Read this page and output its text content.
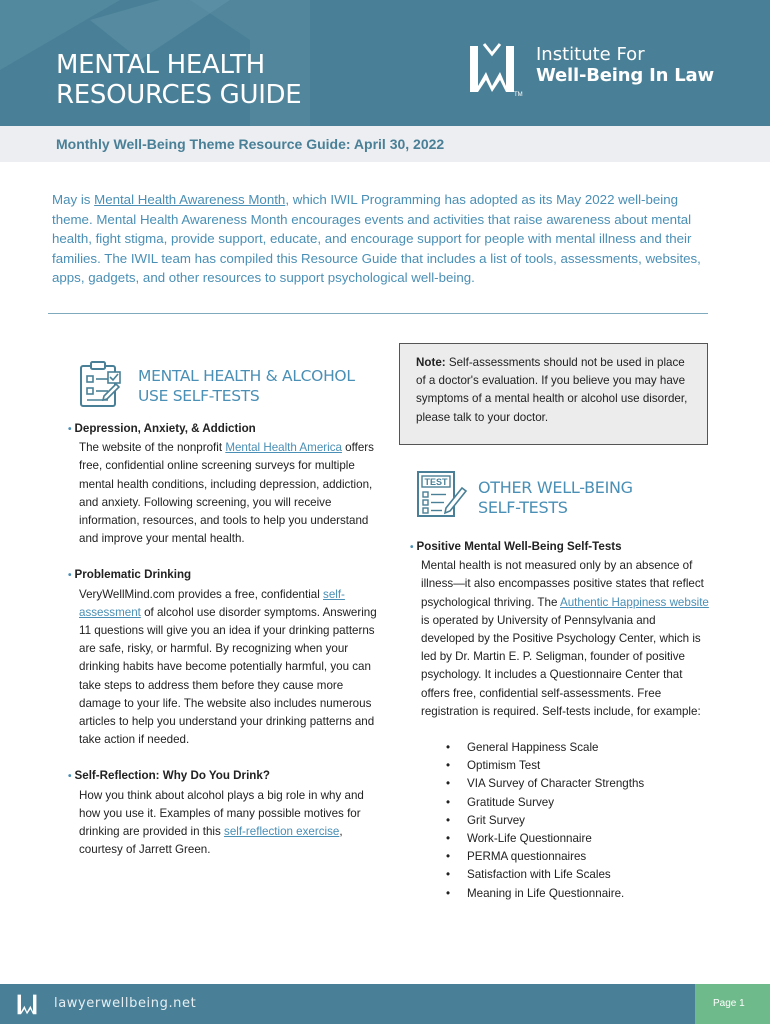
MENTAL HEALTH
RESOURCES GUIDE
Institute For
Well-Being In Law
TM
Monthly Well-Being Theme Resource Guide: April 30, 2022

May is Mental Health Awareness Month, which IWIL Programming has adopted as its May 2022 well-being theme. Mental Health Awareness Month encourages events and activities that raise awareness about mental health, fight stigma, provide support, educate, and encourage support for people with mental illness and their families. The IWIL team has compiled this Resource Guide that includes a list of tools, assessments, websites, apps, gadgets, and other resources to support psychological well-being.

MENTAL HEALTH & ALCOHOL
USE SELF-TESTS
• Depression, Anxiety, & Addiction
The website of the nonprofit Mental Health America offers free, confidential online screening surveys for multiple mental health conditions, including depression, addiction, and anxiety. Following screening, you will receive information, resources, and tools to help you understand and improve your mental health.
• Problematic Drinking
VeryWellMind.com provides a free, confidential self-assessment of alcohol use disorder symptoms. Answering 11 questions will give you an idea if your drinking patterns are safe, risky, or harmful. By recognizing when your drinking habits have become potentially harmful, you can take steps to address them before they cause more damage to your life. The website also includes numerous articles to help you understand your drinking patterns and take action if needed.
• Self-Reflection: Why Do You Drink?
How you think about alcohol plays a big role in why and how you use it. Examples of many possible motives for drinking are provided in this self-reflection exercise, courtesy of Jarrett Green.
Note: Self-assessments should not be used in place of a doctor's evaluation. If you believe you may have symptoms of a mental health or alcohol use disorder, please talk to your doctor.
TEST OTHER WELL-BEING
SELF-TESTS
• Positive Mental Well-Being Self-Tests
Mental health is not measured only by an absence of illness—it also encompasses positive states that reflect psychological thriving. The Authentic Happiness website is operated by University of Pennsylvania and developed by the Positive Psychology Center, which is led by Dr. Martin E. P. Seligman, founder of positive psychology. It includes a Questionnaire Center that offers free, confidential self-assessments. Free registration is required. Self-tests include, for example:
• General Happiness Scale
• Optimism Test
• VIA Survey of Character Strengths
• Gratitude Survey
• Grit Survey
• Work-Life Questionnaire
• PERMA questionnaires
• Satisfaction with Life Scales
• Meaning in Life Questionnaire.
lawyerwellbeing.net	Page 1
